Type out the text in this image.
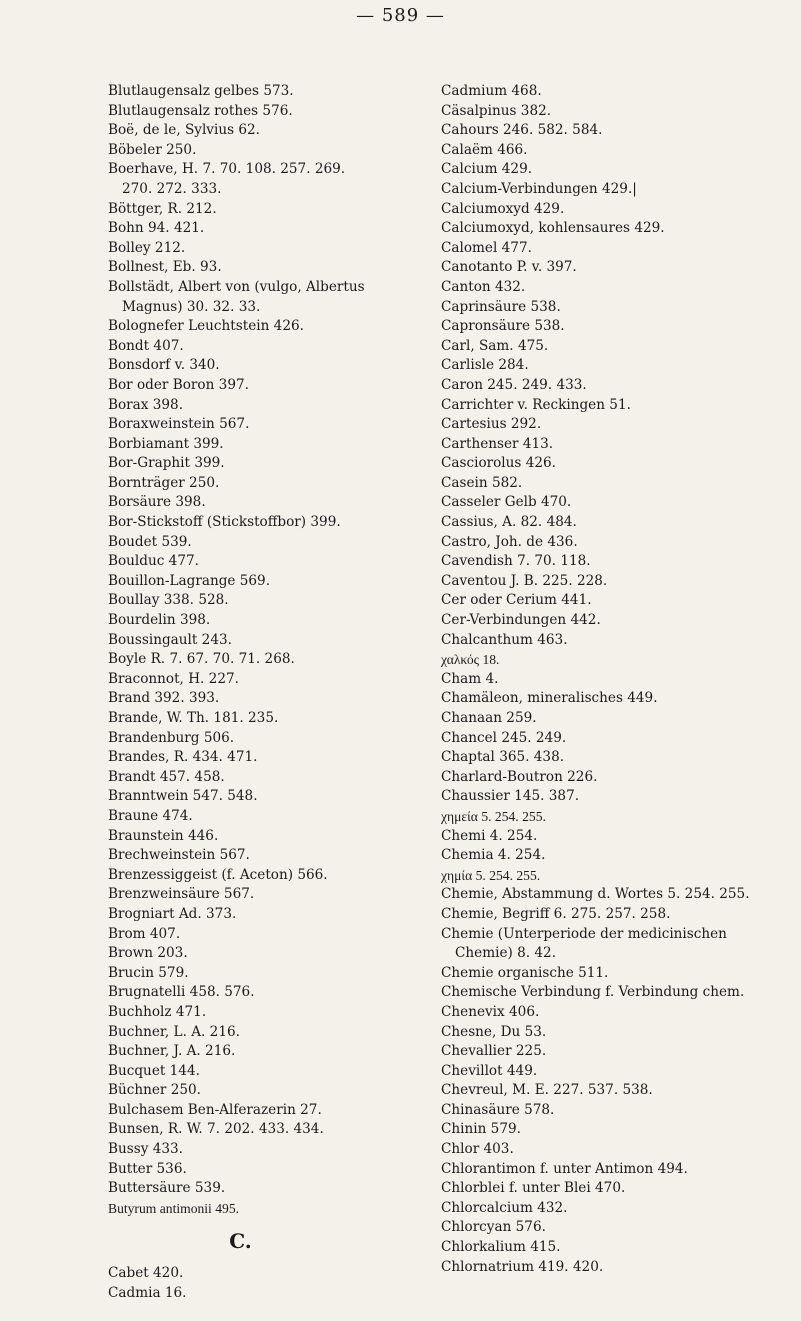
— 589 —
Blutlaugensalz gelbes 573.
Blutlaugensalz rothes 576.
Boë, de le, Sylvius 62.
Böbeler 250.
Boerhave, H. 7. 70. 108. 257. 269. 270. 272. 333.
Böttger, R. 212.
Bohn 94. 421.
Bolley 212.
Bollnest, Eb. 93.
Bollstädt, Albert von (vulgo, Albertus Magnus) 30. 32. 33.
Bolognefer Leuchtstein 426.
Bondt 407.
Bonsdorf v. 340.
Bor oder Boron 397.
Borax 398.
Boraxweinstein 567.
Borbiamant 399.
Bor-Graphit 399.
Bornträger 250.
Borsäure 398.
Bor-Stickstoff (Stickstoffbor) 399.
Boudet 539.
Boulduc 477.
Bouillon-Lagrange 569.
Boullay 338. 528.
Bourdelin 398.
Boussingault 243.
Boyle R. 7. 67. 70. 71. 268.
Braconnot, H. 227.
Brand 392. 393.
Brande, W. Th. 181. 235.
Brandenburg 506.
Brandes, R. 434. 471.
Brandt 457. 458.
Branntwein 547. 548.
Braune 474.
Braunstein 446.
Brechweinstein 567.
Brenzessiggeist (f. Aceton) 566.
Brenzweinsäure 567.
Brogniart Ad. 373.
Brom 407.
Brown 203.
Brucin 579.
Brugnatelli 458. 576.
Buchholz 471.
Buchner, L. A. 216.
Buchner, J. A. 216.
Bucquet 144.
Büchner 250.
Bulchasem Ben-Alferazerin 27.
Bunsen, R. W. 7. 202. 433. 434.
Bussy 433.
Butter 536.
Buttersäure 539.
Butyrum antimonii 495.
C.
Cabet 420.
Cadmia 16.
Cadmium 468.
Cäsalpinus 382.
Cahours 246. 582. 584.
Calaëm 466.
Calcium 429.
Calcium-Verbindungen 429.|
Calciumoxyd 429.
Calciumoxyd, kohlensaures 429.
Calomel 477.
Canotanto P. v. 397.
Canton 432.
Caprinsäure 538.
Capronsäure 538.
Carl, Sam. 475.
Carlisle 284.
Caron 245. 249. 433.
Carrichter v. Reckingen 51.
Cartesius 292.
Carthenser 413.
Casciorolus 426.
Casein 582.
Casseler Gelb 470.
Cassius, A. 82. 484.
Castro, Joh. de 436.
Cavendish 7. 70. 118.
Caventou J. B. 225. 228.
Cer oder Cerium 441.
Cer-Verbindungen 442.
Chalcanthum 463.
χαλκός 18.
Cham 4.
Chamäleon, mineralisches 449.
Chanaan 259.
Chancel 245. 249.
Chaptal 365. 438.
Charlard-Boutron 226.
Chaussier 145. 387.
χημεία 5. 254. 255.
Chemi 4. 254.
Chemia 4. 254.
χημία 5. 254. 255.
Chemie, Abstammung d. Wortes 5. 254. 255.
Chemie, Begriff 6. 275. 257. 258.
Chemie (Unterperiode der medicinischen Chemie) 8. 42.
Chemie organische 511.
Chemische Verbindung f. Verbindung chem.
Chenevix 406.
Chesne, Du 53.
Chevallier 225.
Chevillot 449.
Chevreul, M. E. 227. 537. 538.
Chinasäure 578.
Chinin 579.
Chlor 403.
Chlorantimon f. unter Antimon 494.
Chlorblei f. unter Blei 470.
Chlorcalcium 432.
Chlorcyan 576.
Chlorkalium 415.
Chlornatrium 419. 420.
